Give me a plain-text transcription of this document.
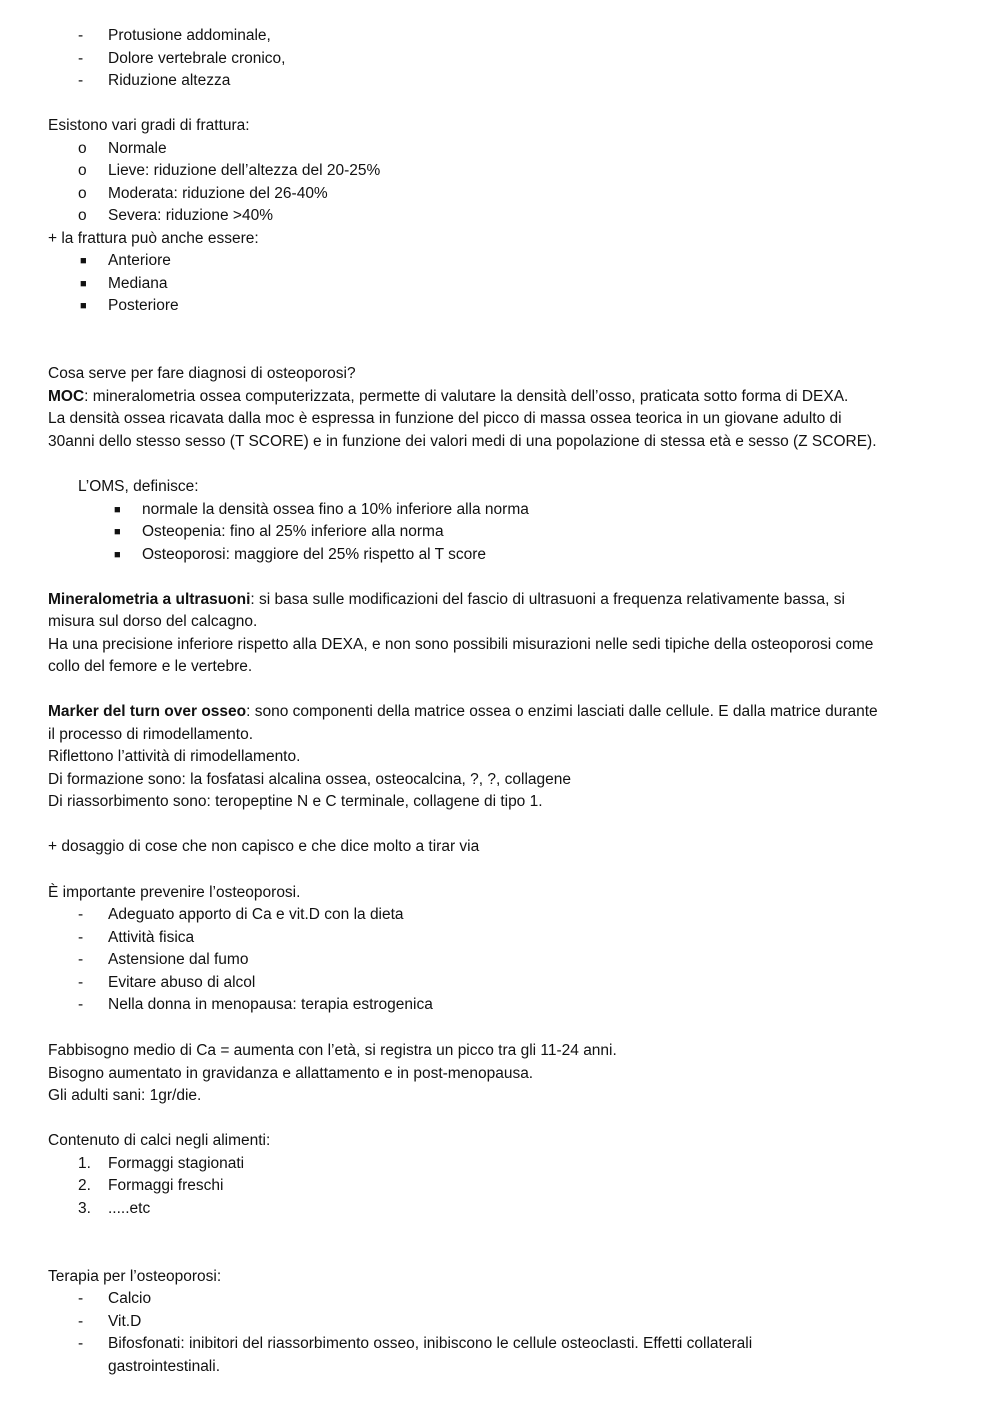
- Protusione addominale,
- Dolore vertebrale cronico,
- Riduzione altezza
Esistono vari gradi di frattura:
o Normale
o Lieve: riduzione dell’altezza del 20-25%
o Moderata: riduzione del 26-40%
o Severa: riduzione >40%
+ la frattura può anche essere:
■ Anteriore
■ Mediana
■ Posteriore
Cosa serve per fare diagnosi di osteoporosi?
MOC: mineralometria ossea computerizzata, permette di valutare la densità dell’osso, praticata sotto forma di DEXA.
La densità ossea ricavata dalla moc è espressa in funzione del picco di massa ossea teorica in un giovane adulto di
30anni dello stesso sesso (T SCORE) e in funzione dei valori medi di una popolazione di stessa età e sesso (Z SCORE).
L’OMS, definisce:
■ normale la densità ossea fino a 10% inferiore alla norma
■ Osteopenia: fino al 25% inferiore alla norma
■ Osteoporosi: maggiore del 25% rispetto al T score
Mineralometria a ultrasuoni: si basa sulle modificazioni del fascio di ultrasuoni a frequenza relativamente bassa, si
misura sul dorso del calcagno.
Ha una precisione inferiore rispetto alla DEXA, e non sono possibili misurazioni nelle sedi tipiche della osteoporosi come
collo del femore e le vertebre.
Marker del turn over osseo: sono componenti della matrice ossea o enzimi lasciati dalle cellule. E dalla matrice durante
il processo di rimodellamento.
Riflettono l’attività di rimodellamento.
Di formazione sono: la fosfatasi alcalina ossea, osteocalcina, ?, ?, collagene
Di riassorbimento sono: teropeptine N e C terminale, collagene di tipo 1.
+ dosaggio di cose che non capisco e che dice molto a tirar via
È importante prevenire l’osteoporosi.
- Adeguato apporto di Ca e vit.D con la dieta
- Attività fisica
- Astensione dal fumo
- Evitare abuso di alcol
- Nella donna in menopausa: terapia estrogenica
Fabbisogno medio di Ca = aumenta con l’età, si registra un picco tra gli 11-24 anni.
Bisogno aumentato in gravidanza e allattamento e in post-menopausa.
Gli adulti sani: 1gr/die.
Contenuto di calci negli alimenti:
1. Formaggi stagionati
2. Formaggi freschi
3. .....etc
Terapia per l’osteoporosi:
- Calcio
- Vit.D
- Bifosfonati: inibitori del riassorbimento osseo, inibiscono le cellule osteoclasti. Effetti collaterali
gastrointestinali.
